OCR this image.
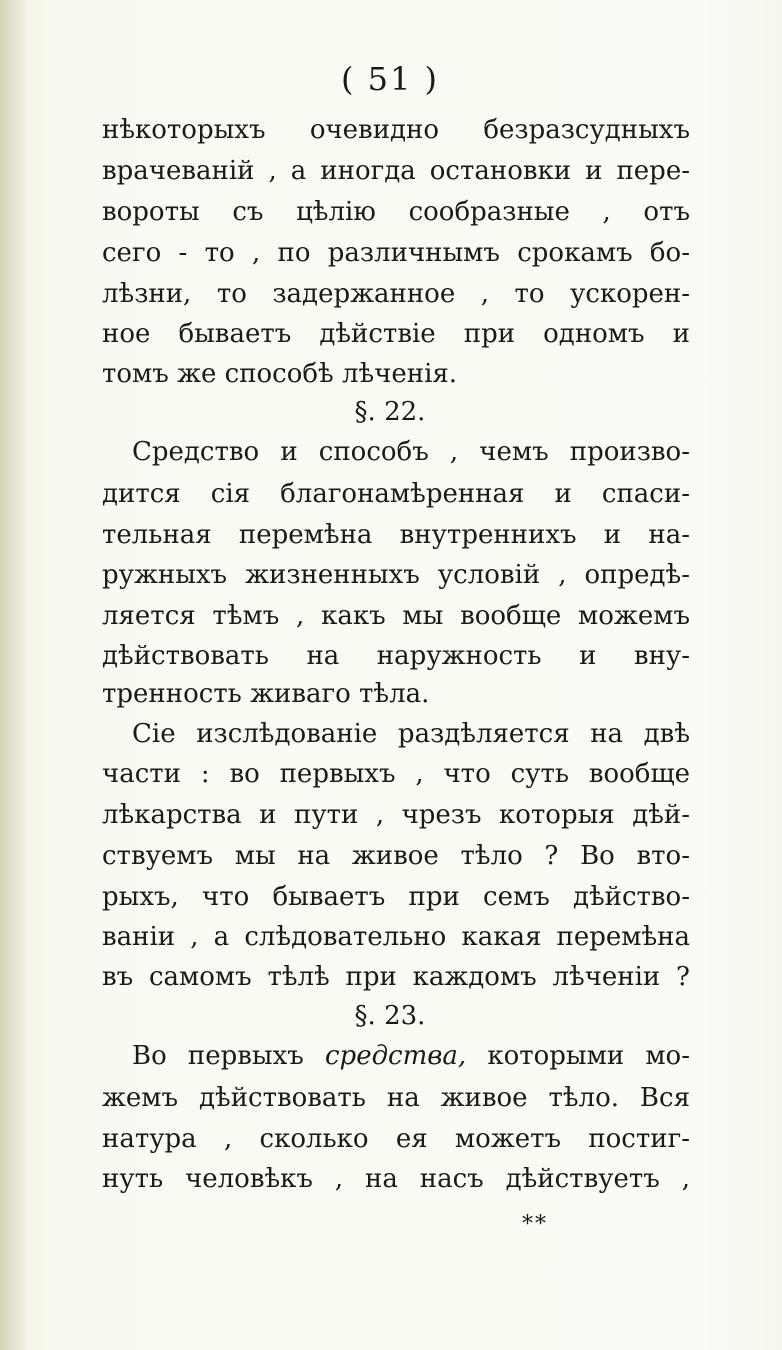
( 51 )
нѣкоторыхъ очевидно безразсудныхъ
врачеванiй , а иногда остановки и пере-
вороты съ цѣлiю сообразные , отъ
сего - то , по различнымъ срокамъ бо-
лѣзни, то задержанное , то ускорен-
ное бываетъ дѣйствiе при одномъ и
томъ же способѣ лѣченiя.
§. 22.
Средство и способъ , чемъ произво-
дится сiя благонамѣренная и спаси-
тельная перемѣна внутреннихъ и на-
ружныхъ жизненныхъ условiй , опредѣ-
ляется тѣмъ , какъ мы вообще можемъ
дѣйствовать на наружность и вну-
тренность живаго тѣла.
Сiе изслѣдованiе раздѣляется на двѣ
части : во первыхъ , что суть вообще
лѣкарства и пути , чрезъ которыя дѣй-
ствуемъ мы на живое тѣло ? Во вто-
рыхъ, что бываетъ при семъ дѣйство-
ванiи , а слѣдовательно какая перемѣна
въ самомъ тѣлѣ при каждомъ лѣченiи ?
§. 23.
Во первыхъ средства, которыми мо-
жемъ дѣйствовать на живое тѣло. Вся
натура , сколько ея можетъ постиг-
нуть человѣкъ , на насъ дѣйствуетъ ,
**
